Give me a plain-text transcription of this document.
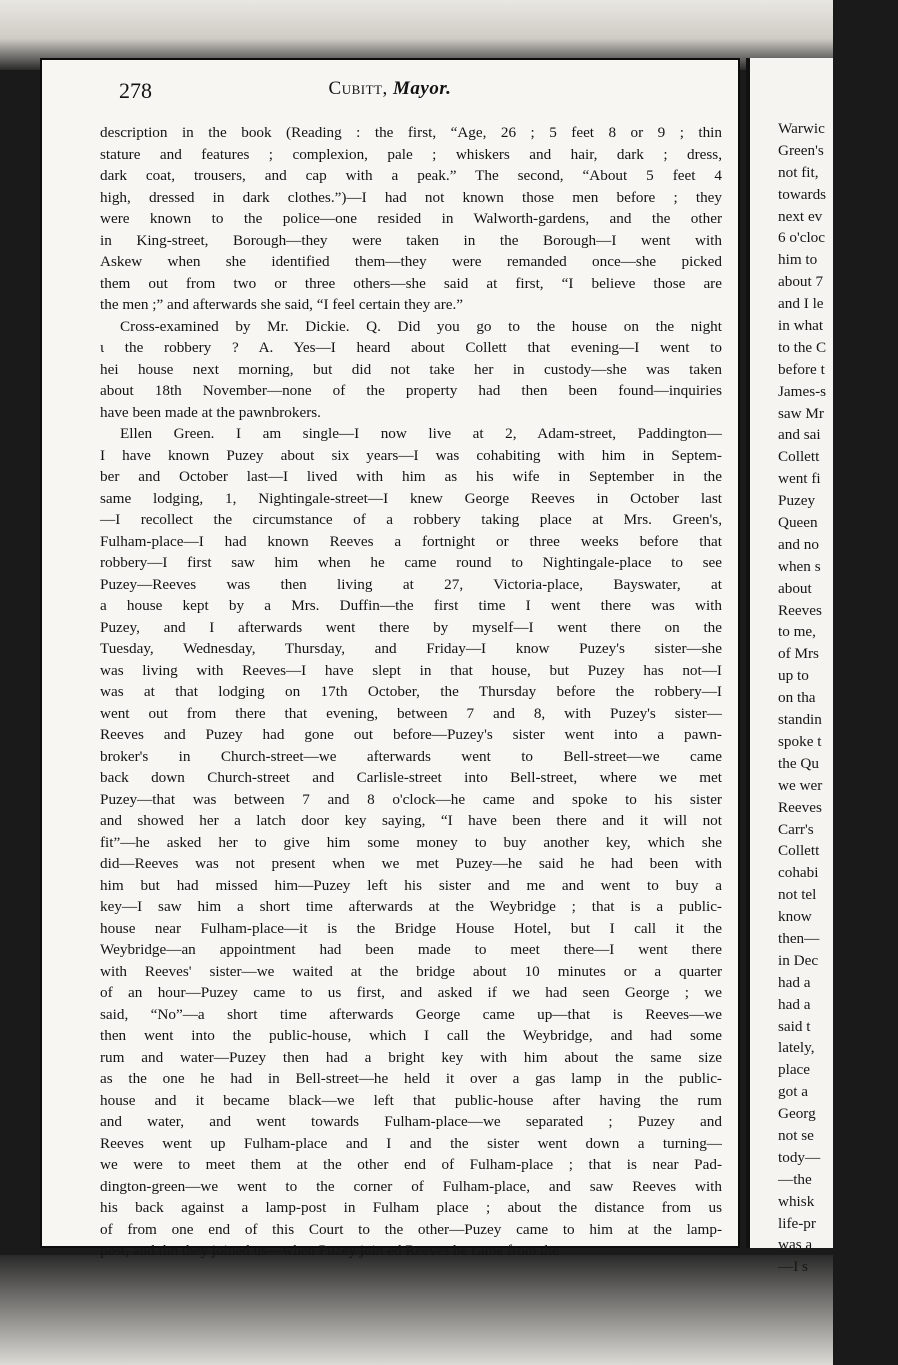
278	Cubitt, Mayor.
description in the book (Reading : the first, “Age, 26 ; 5 feet 8 or 9 ; thin
stature and features ; complexion, pale ; whiskers and hair, dark ; dress,
dark coat, trousers, and cap with a peak.” The second, “About 5 feet 4
high, dressed in dark clothes.”)—I had not known those men before ; they
were known to the police—one resided in Walworth-gardens, and the other
in King-street, Borough—they were taken in the Borough—I went with
Askew when she identified them—they were remanded once—she picked
them out from two or three others—she said at first, “I believe those are
the men ;” and afterwards she said, “I feel certain they are.”
Cross-examined by Mr. Dickie. Q. Did you go to the house on the night
ι the robbery ? A. Yes—I heard about Collett that evening—I went to
hei house next morning, but did not take her in custody—she was taken
about 18th November—none of the property had then been found—inquiries
have been made at the pawnbrokers.
Ellen Green. I am single—I now live at 2, Adam-street, Paddington—
I have known Puzey about six years—I was cohabiting with him in Septem-
ber and October last—I lived with him as his wife in September in the
same lodging, 1, Nightingale-street—I knew George Reeves in October last
—I recollect the circumstance of a robbery taking place at Mrs. Green's,
Fulham-place—I had known Reeves a fortnight or three weeks before that
robbery—I first saw him when he came round to Nightingale-place to see
Puzey—Reeves was then living at 27, Victoria-place, Bayswater, at
a house kept by a Mrs. Duffin—the first time I went there was with
Puzey, and I afterwards went there by myself—I went there on the
Tuesday, Wednesday, Thursday, and Friday—I know Puzey's sister—she
was living with Reeves—I have slept in that house, but Puzey has not—I
was at that lodging on 17th October, the Thursday before the robbery—I
went out from there that evening, between 7 and 8, with Puzey's sister—
Reeves and Puzey had gone out before—Puzey's sister went into a pawn-
broker's in Church-street—we afterwards went to Bell-street—we came
back down Church-street and Carlisle-street into Bell-street, where we met
Puzey—that was between 7 and 8 o'clock—he came and spoke to his sister
and showed her a latch door key saying, “I have been there and it will not
fit”—he asked her to give him some money to buy another key, which she
did—Reeves was not present when we met Puzey—he said he had been with
him but had missed him—Puzey left his sister and me and went to buy a
key—I saw him a short time afterwards at the Weybridge ; that is a public-
house near Fulham-place—it is the Bridge House Hotel, but I call it the
Weybridge—an appointment had been made to meet there—I went there
with Reeves' sister—we waited at the bridge about 10 minutes or a quarter
of an hour—Puzey came to us first, and asked if we had seen George ; we
said, “No”—a short time afterwards George came up—that is Reeves—we
then went into the public-house, which I call the Weybridge, and had some
rum and water—Puzey then had a bright key with him about the same size
as the one he had in Bell-street—he held it over a gas lamp in the public-
house and it became black—we left that public-house after having the rum
and water, and went towards Fulham-place—we separated ; Puzey and
Reeves went up Fulham-place and I and the sister went down a turning—
we were to meet them at the other end of Fulham-place ; that is near Pad-
dington-green—we went to the corner of Fulham-place, and saw Reeves with
his back against a lamp-post in Fulham place ; about the distance from us
of from one end of this Court to the other—Puzey came to him at the lamp-
post, and thn they joined us—when Puzey join ed Reeves he came from the
Warwic
Green's
not fit,
towards
next ev
6 o'cloc
him to
about 7
and I le
in what
to the C
before t
James-s
saw Mr
and sai
Collett
went fi
Puzey
Queen
and no
when s
about
Reeves
to me,
of Mrs
up to
on tha
standin
spoke t
the Qu
we wer
Reeves
Carr's
Collett
cohabi
not tel
know
then—
in Dec
had a
had a
said t
lately,
place
got a
Georg
not se
tody—
—the
whisk
life-pr
was a
—I s
